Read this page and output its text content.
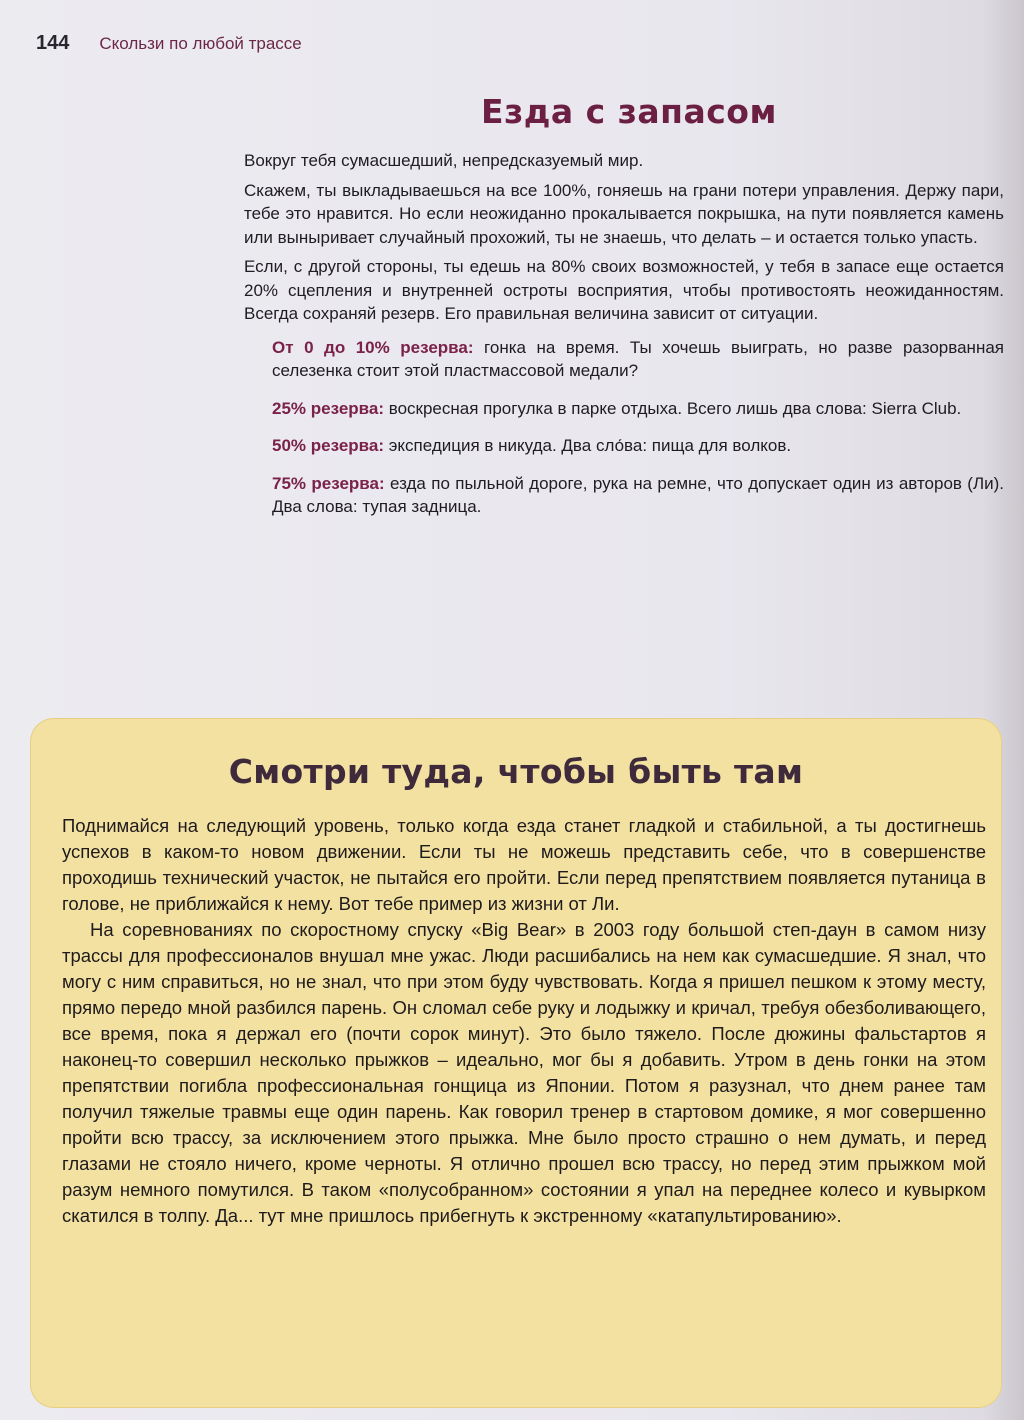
144 Скользи по любой трассе
Езда с запасом

Вокруг тебя сумасшедший, непредсказуемый мир.

Скажем, ты выкладываешься на все 100%, гоняешь на грани потери управления. Держу пари, тебе это нравится. Но если неожиданно прокалывается покрышка, на пути появляется камень или выныривает случайный прохожий, ты не знаешь, что делать – и остается только упасть.

Если, с другой стороны, ты едешь на 80% своих возможностей, у тебя в запасе еще остается 20% сцепления и внутренней остроты восприятия, чтобы противостоять неожиданностям. Всегда сохраняй резерв. Его правильная величина зависит от ситуации.

От 0 до 10% резерва: гонка на время. Ты хочешь выиграть, но разве разорванная селезенка стоит этой пластмассовой медали?
25% резерва: воскресная прогулка в парке отдыха. Всего лишь два слова: Sierra Club.
50% резерва: экспедиция в никуда. Два сло́ва: пища для волков.
75% резерва: езда по пыльной дороге, рука на ремне, что допускает один из авторов (Ли). Два слова: тупая задница.
Смотри туда, чтобы быть там

Поднимайся на следующий уровень, только когда езда станет гладкой и стабильной, а ты достигнешь успехов в каком-то новом движении. Если ты не можешь представить себе, что в совершенстве проходишь технический участок, не пытайся его пройти. Если перед препятствием появляется путаница в голове, не приближайся к нему. Вот тебе пример из жизни от Ли.

На соревнованиях по скоростному спуску «Big Bear» в 2003 году большой степ-даун в самом низу трассы для профессионалов внушал мне ужас. Люди расшибались на нем как сумасшедшие. Я знал, что могу с ним справиться, но не знал, что при этом буду чувствовать. Когда я пришел пешком к этому месту, прямо передо мной разбился парень. Он сломал себе руку и лодыжку и кричал, требуя обезболивающего, все время, пока я держал его (почти сорок минут). Это было тяжело. После дюжины фальстартов я наконец-то совершил несколько прыжков – идеально, мог бы я добавить. Утром в день гонки на этом препятствии погибла профессиональная гонщица из Японии. Потом я разузнал, что днем ранее там получил тяжелые травмы еще один парень. Как говорил тренер в стартовом домике, я мог совершенно пройти всю трассу, за исключением этого прыжка. Мне было просто страшно о нем думать, и перед глазами не стояло ничего, кроме черноты. Я отлично прошел всю трассу, но перед этим прыжком мой разум немного помутился. В таком «полусобранном» состоянии я упал на переднее колесо и кувырком скатился в толпу. Да... тут мне пришлось прибегнуть к экстренному «катапультированию».
